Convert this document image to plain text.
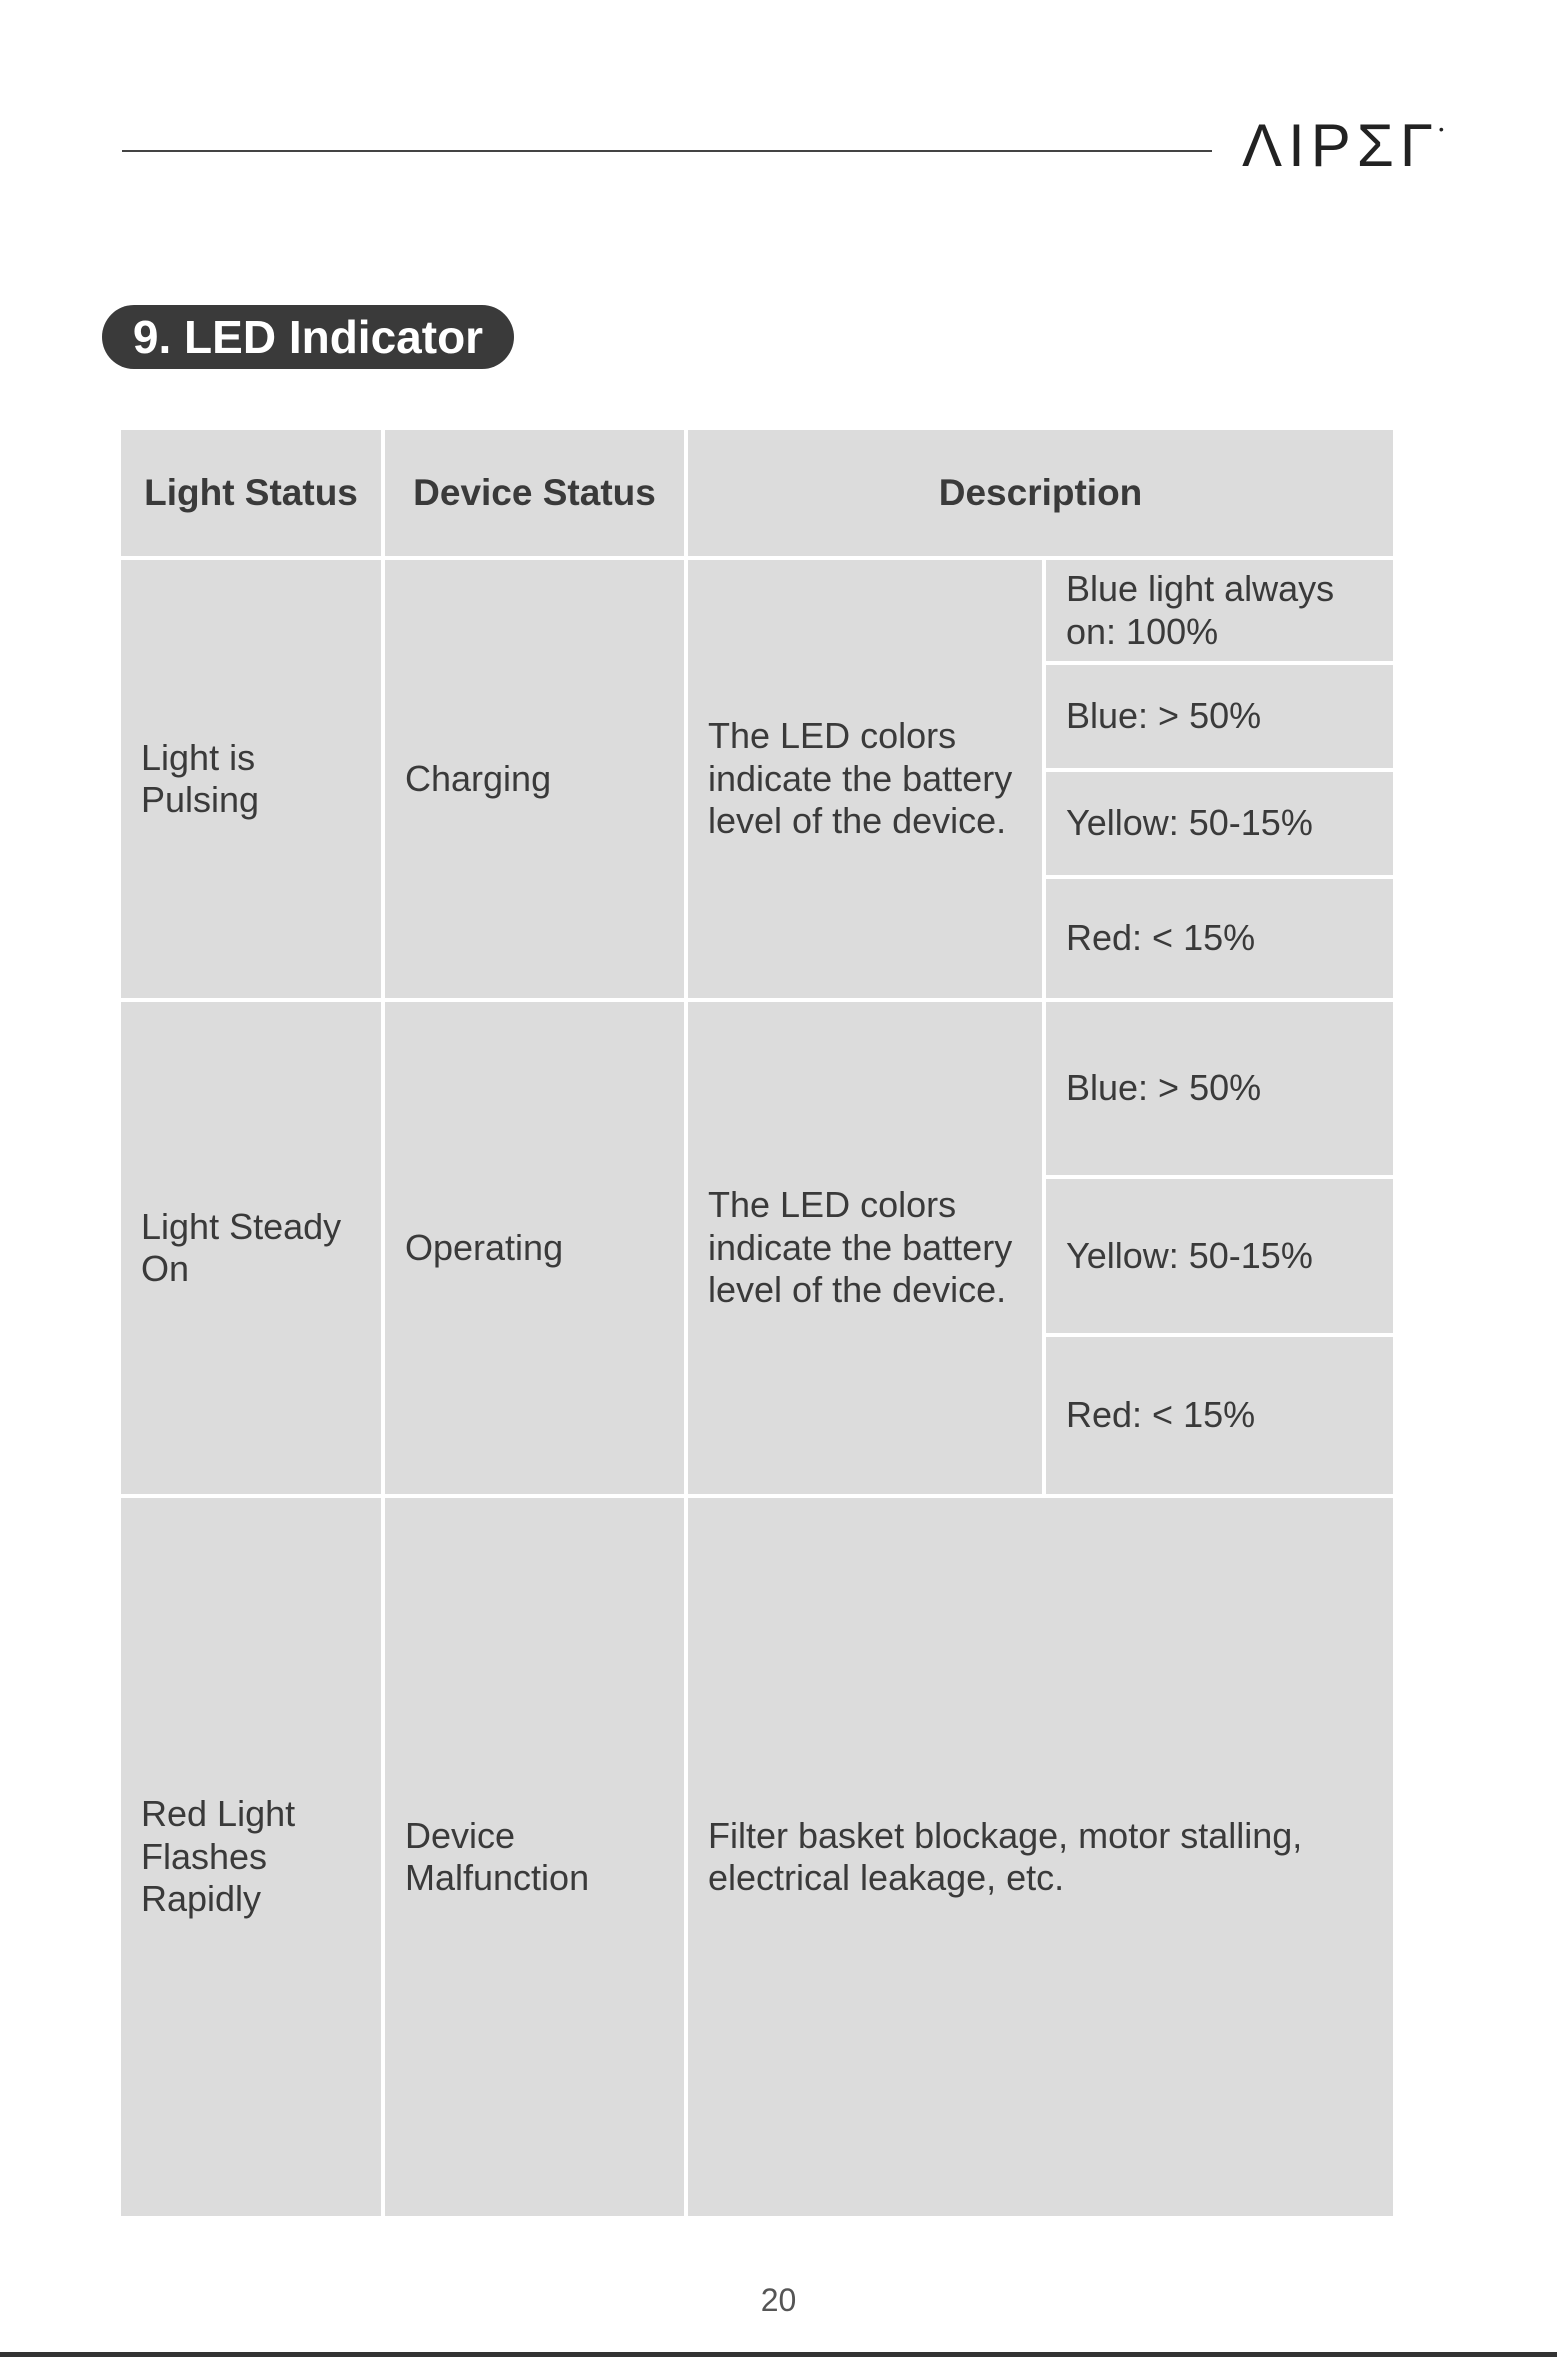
ΛIPΣΓ•
9. LED Indicator
Light Status	Device Status	Description	
Light is Pulsing	Charging	The LED colors indicate the battery level of the device.	Blue light always on: 100%
			Blue: > 50%
			Yellow: 50-15%
			Red: < 15%
Light Steady On	Operating	The LED colors indicate the battery level of the device.	Blue: > 50%
			Yellow: 50-15%
			Red: < 15%
Red Light Flashes Rapidly	Device Malfunction	Filter basket blockage, motor stalling, electrical leakage, etc.	
20
